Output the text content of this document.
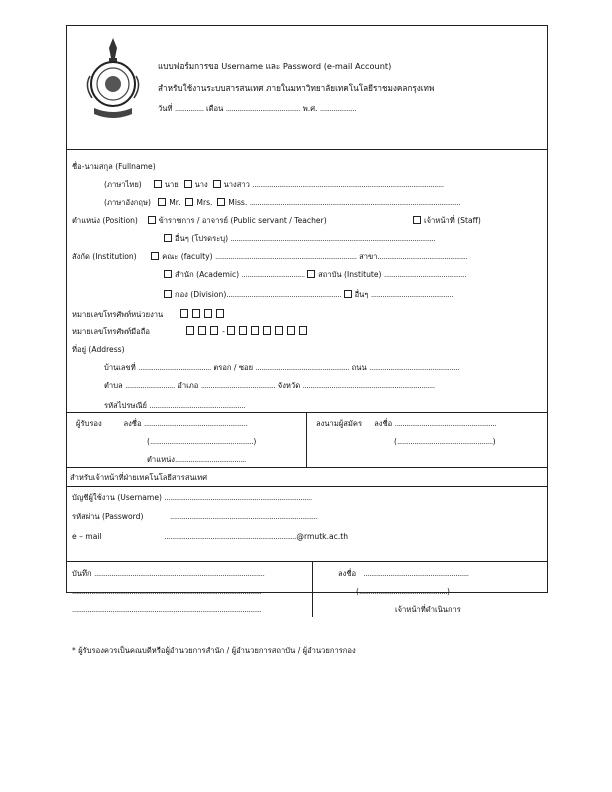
แบบฟอร์มการขอ Username และ Password (e-mail Account)
สำหรับใช้งานระบบสารสนเทศ ภายในมหาวิทยาลัยเทคโนโลยีราชมงคลกรุงเทพ
วันที่ ............... เดือน ....................................... พ.ศ. ...................
ชื่อ-นามสกุล (Fullname)
(ภาษาไทย)	นาย นาง นางสาว ....................................................................................................
(ภาษาอังกฤษ) Mr. Mrs. Miss. ..............................................................................................................
ตำแหน่ง (Position)	ข้าราชการ / อาจารย์ (Public servant / Teacher)	เจ้าหน้าที่ (Staff)
อื่นๆ (โปรดระบุ) ...........................................................................................................
สังกัด (Institution)	คณะ (faculty) .......................................................................... สาขา...............................................
สำนัก (Academic) ................................. สถาบัน (Institute) ...........................................
กอง (Division)............................................................ อื่นๆ ...........................................
หมายเลขโทรศัพท์หน่วยงาน
หมายเลขโทรศัพท์มือถือ	-
ที่อยู่ (Address)
บ้านเลขที่ ...................................... ตรอก / ซอย ................................................. ถนน ...............................................
ตำบล .......................... อำเภอ ....................................... จังหวัด .....................................................................
รหัสไปรษณีย์ ..................................................
ผู้รับรอง	ลงชื่อ ......................................................
(......................................................)
ตำแหน่ง.....................................
ลงนามผู้สมัคร ลงชื่อ .....................................................
(..................................................)
สำหรับเจ้าหน้าที่ฝ่ายเทคโนโลยีสารสนเทศ
บัญชีผู้ใช้งาน (Username) .............................................................................
รหัสผ่าน (Password)	.............................................................................
e – mail	.....................................................................@rmutk.ac.th
บันทึก .........................................................................................
...................................................................................................
...................................................................................................
ลงชื่อ .......................................................
(..............................................)
เจ้าหน้าที่ดำเนินการ
* ผู้รับรองควรเป็นคณบดีหรือผู้อำนวยการสำนัก / ผู้อำนวยการสถาบัน / ผู้อำนวยการกอง
